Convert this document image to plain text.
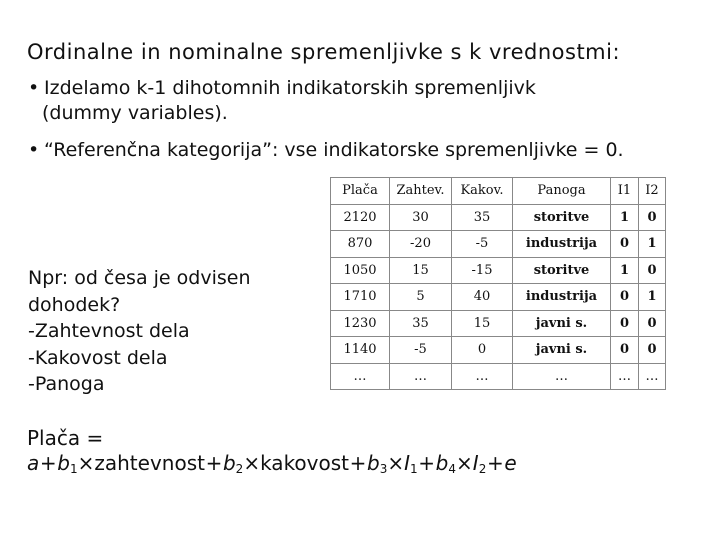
Ordinalne in nominalne spremenljivke s k vrednostmi:
• Izdelamo k-1 dihotomnih indikatorskih spremenljivk
(dummy variables).
• “Referenčna kategorija”: vse indikatorske spremenljivke = 0.
Npr: od česa je odvisen
dohodek?
-Zahtevnost dela
-Kakovost dela
-Panoga
Plača	Zahtev.	Kakov.	Panoga	I1	I2
2120	30	35	storitve	1	0
870	-20	-5	industrija	0	1
1050	15	-15	storitve	1	0
1710	5	40	industrija	0	1
1230	35	15	javni s.	0	0
1140	-5	0	javni s.	0	0
…	…	…	…	…	…
Plača =
$a+b_1\times zahtevnost+b_2\times kakovost+b_3\times I_1+b_4\times I_2+e$
